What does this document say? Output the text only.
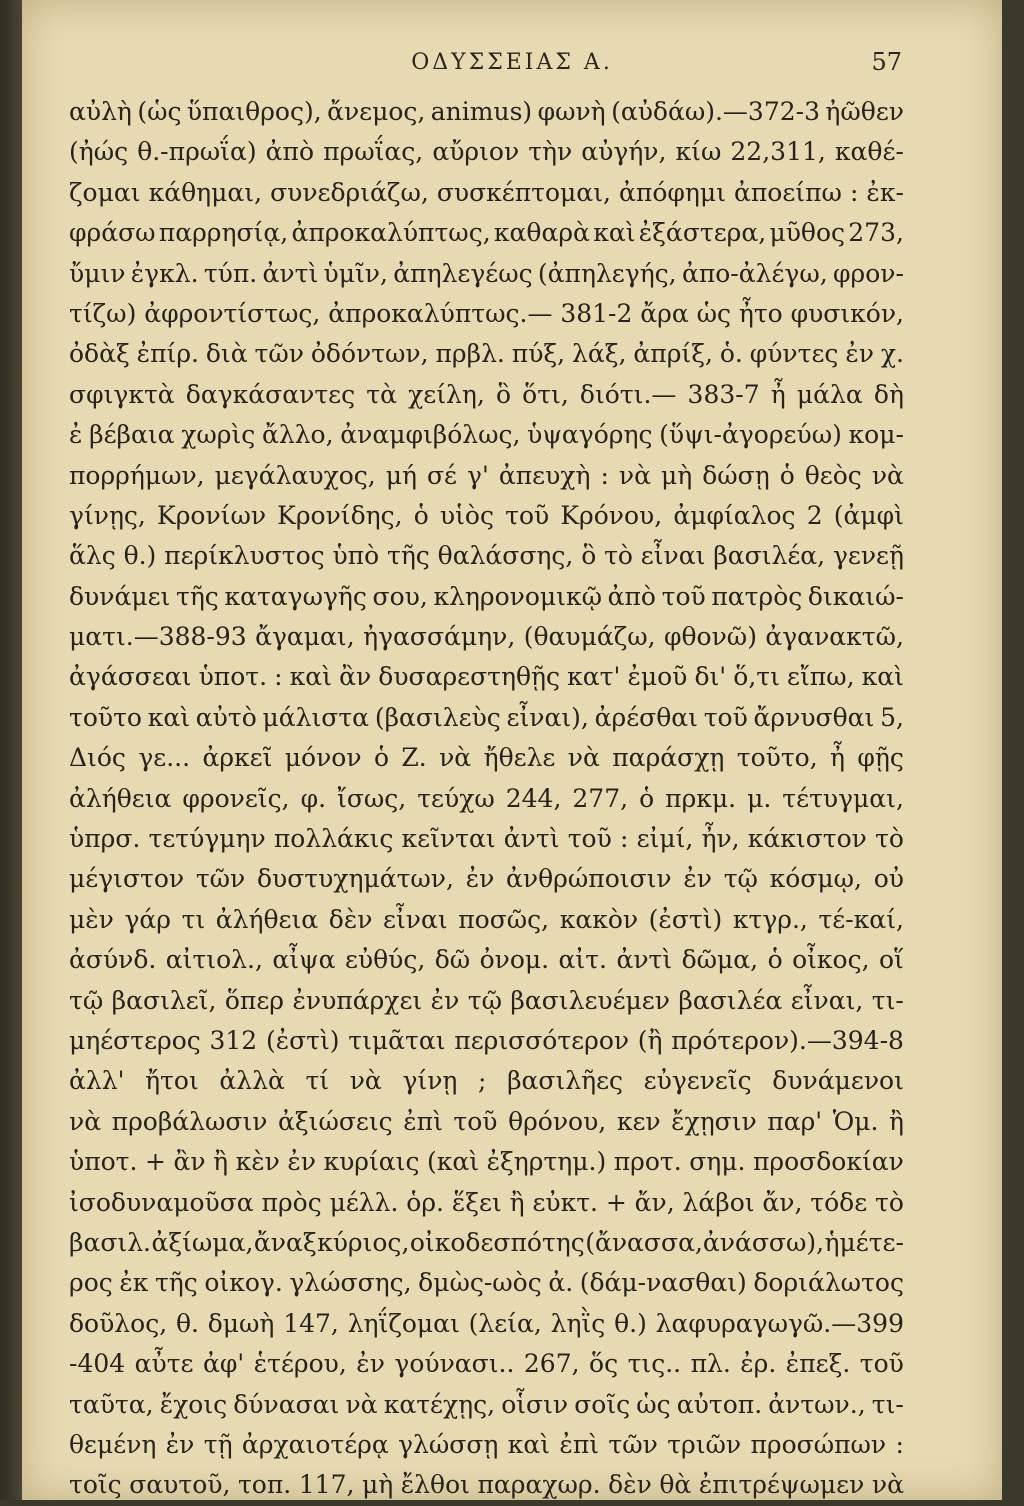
ΟΔΥΣΣΕΙΑΣ Α.	57
αὐλὴ (ὡς ὕπαιθρος), ἄνεμος, animus) φωνὴ (αὐδάω).—372-3 ἠῶθεν
(ἠώς θ.-πρωΐα) ἀπὸ πρωΐας, αὔριον τὴν αὐγήν, κίω 22,311, καθέ-
ζομαι κάθημαι, συνεδριάζω, συσκέπτομαι, ἀπόφημι ἀποείπω : ἐκ-
φράσω παρρησίᾳ, ἀπροκαλύπτως, καθαρὰ καὶ ἐξάστερα, μῦθος 273,
ὔμιν ἐγκλ. τύπ. ἀντὶ ὑμῖν, ἀπηλεγέως (ἀπηλεγής, ἀπο-ἀλέγω, φρον-
τίζω) ἀφροντίστως, ἀπροκαλύπτως.— 381-2 ἄρα ὡς ἦτο φυσικόν,
ὀδὰξ ἐπίρ. διὰ τῶν ὀδόντων, πρβλ. πύξ, λάξ, ἀπρίξ, ὁ. φύντες ἐν χ.
σφιγκτὰ δαγκάσαντες τὰ χείλη, ὃ ὅτι, διότι.— 383-7 ἦ μάλα δὴ
ἐ βέβαια χωρὶς ἄλλο, ἀναμφιβόλως, ὑψαγόρης (ὕψι-ἀγορεύω) κομ-
πορρήμων, μεγάλαυχος, μή σέ γ' ἀπευχὴ : νὰ μὴ δώσῃ ὁ θεὸς νὰ
γίνῃς, Κρονίων Κρονίδης, ὁ υἱὸς τοῦ Κρόνου, ἀμφίαλος 2 (ἀμφὶ
ἅλς θ.) περίκλυστος ὑπὸ τῆς θαλάσσης, ὃ τὸ εἶναι βασιλέα, γενεῇ
δυνάμει τῆς καταγωγῆς σου, κληρονομικῷ ἀπὸ τοῦ πατρὸς δικαιώ-
ματι.—388-93 ἄγαμαι, ἠγασσάμην, (θαυμάζω, φθονῶ) ἀγανακτῶ,
ἀγάσσεαι ὑποτ. : καὶ ἂν δυσαρεστηθῇς κατ' ἐμοῦ δι' ὅ,τι εἴπω, καὶ
τοῦτο καὶ αὐτὸ μάλιστα (βασιλεὺς εἶναι), ἀρέσθαι τοῦ ἄρνυσθαι 5,
Διός γε... ἀρκεῖ μόνον ὁ Ζ. νὰ ἤθελε νὰ παράσχῃ τοῦτο, ἦ φῇς
ἀλήθεια φρονεῖς, φ. ἴσως, τεύχω 244, 277, ὁ πρκμ. μ. τέτυγμαι,
ὑπρσ. τετύγμην πολλάκις κεῖνται ἀντὶ τοῦ : εἰμί, ἦν, κάκιστον τὸ
μέγιστον τῶν δυστυχημάτων, ἐν ἀνθρώποισιν ἐν τῷ κόσμῳ, οὐ
μὲν γάρ τι ἀλήθεια δὲν εἶναι ποσῶς, κακὸν (ἐστὶ) κτγρ., τέ-καί,
ἀσύνδ. αἰτιολ., αἶψα εὐθύς, δῶ ὀνομ. αἰτ. ἀντὶ δῶμα, ὁ οἶκος, οἵ
τῷ βασιλεῖ, ὅπερ ἐνυπάρχει ἐν τῷ βασιλευέμεν βασιλέα εἶναι, τι-
μηέστερος 312 (ἐστὶ) τιμᾶται περισσότερον (ἢ πρότερον).—394-8
ἀλλ' ἤτοι ἀλλὰ τί νὰ γίνῃ ; βασιλῆες εὐγενεῖς δυνάμενοι
νὰ προβάλωσιν ἀξιώσεις ἐπὶ τοῦ θρόνου, κεν ἔχῃσιν παρ' Ὁμ. ἢ
ὑποτ. + ἂν ἢ κὲν ἐν κυρίαις (καὶ ἐξηρτημ.) προτ. σημ. προσδοκίαν
ἰσοδυναμοῦσα πρὸς μέλλ. ὁρ. ἕξει ἢ εὐκτ. + ἄν, λάβοι ἄν, τόδε τὸ
βασιλ. ἀξίωμα, ἄναξ κύριος, οἰκοδεσπότης (ἄνασσα,ἀνάσσω), ἡμέτε-
ρος ἐκ τῆς οἰκογ. γλώσσης, δμὼς-ωὸς ἀ. (δάμ-νασθαι) δοριάλωτος
δοῦλος, θ. δμωὴ 147, ληΐζομαι (λεία, ληῒς θ.) λαφυραγωγῶ.—399
-404 αὖτε ἀφ' ἑτέρου, ἐν γούνασι.. 267, ὅς τις.. πλ. ἐρ. ἐπεξ. τοῦ
ταῦτα, ἔχοις δύνασαι νὰ κατέχῃς, οἷσιν σοῖς ὡς αὐτοπ. ἀντων., τι-
θεμένη ἐν τῇ ἀρχαιοτέρᾳ γλώσσῃ καὶ ἐπὶ τῶν τριῶν προσώπων :
τοῖς σαυτοῦ, τοπ. 117, μὴ ἔλθοι παραχωρ. δὲν θὰ ἐπιτρέψωμεν νὰ
